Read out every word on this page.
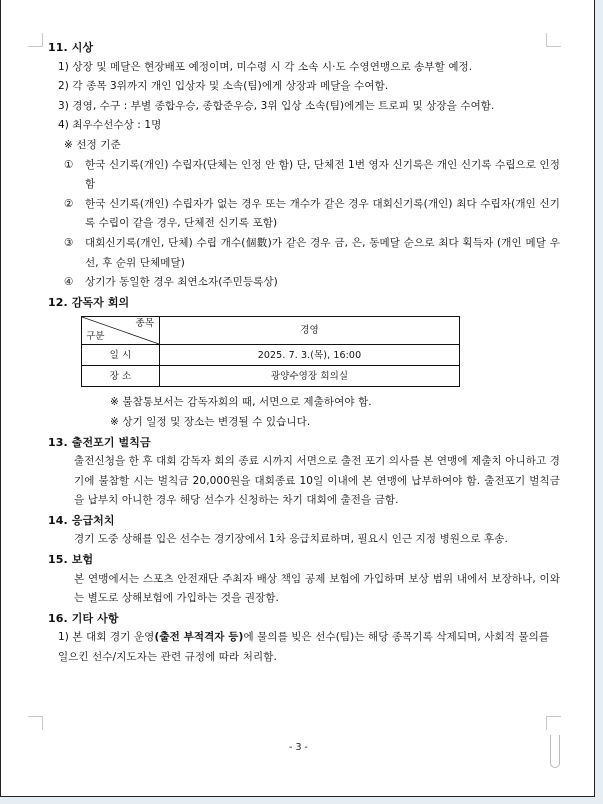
11. 시상
1) 상장 및 메달은 현장배포 예정이며, 미수령 시 각 소속 시·도 수영연맹으로 송부할 예정.
2) 각 종목 3위까지 개인 입상자 및 소속(팀)에게 상장과 메달을 수여함.
3) 경영, 수구 : 부별 종합우승, 종합준우승, 3위 입상 소속(팀)에게는 트로피 및 상장을 수여함.
4) 최우수선수상 : 1명
※ 선정 기준
①	한국 신기록(개인) 수립자(단체는 인정 안 함) 단, 단체전 1번 영자 신기록은 개인 신기록 수립으로 인정함
②	한국 신기록(개인) 수립자가 없는 경우 또는 개수가 같은 경우 대회신기록(개인) 최다 수립자(개인 신기록 수립이 같을 경우, 단체전 신기록 포함)
③	대회신기록(개인, 단체) 수립 개수(個數)가 같은 경우 금, 은, 동메달 순으로 최다 획득자 (개인 메달 우선, 후 순위 단체메달)
④	상기가 동일한 경우 최연소자(주민등록상)
12. 감독자 회의
종목
구분	경영
일 시	2025. 7. 3.(목), 16:00
장 소	광양수영장 회의실
※ 불참통보서는 감독자회의 때, 서면으로 제출하여야 함.
※ 상기 일정 및 장소는 변경될 수 있습니다.
13. 출전포기 벌칙금
출전신청을 한 후 대회 감독자 회의 종료 시까지 서면으로 출전 포기 의사를 본 연맹에 제출치 아니하고 경기에 불참할 시는 벌칙금 20,000원을 대회종료 10일 이내에 본 연맹에 납부하여야 함. 출전포기 벌칙금을 납부치 아니한 경우 해당 선수가 신청하는 차기 대회에 출전을 금함.
14. 응급처치
경기 도중 상해를 입은 선수는 경기장에서 1차 응급치료하며, 필요시 인근 지정 병원으로 후송.
15. 보험
본 연맹에서는 스포츠 안전재단 주최자 배상 책임 공제 보험에 가입하며 보상 범위 내에서 보장하나, 이와는 별도로 상해보험에 가입하는 것을 권장함.
16. 기타 사항
1) 본 대회 경기 운영(출전 부적격자 등)에 물의를 빚은 선수(팀)는 해당 종목기록 삭제되며, 사회적 물의를 일으킨 선수/지도자는 관련 규정에 따라 처리함.
- 3 -
